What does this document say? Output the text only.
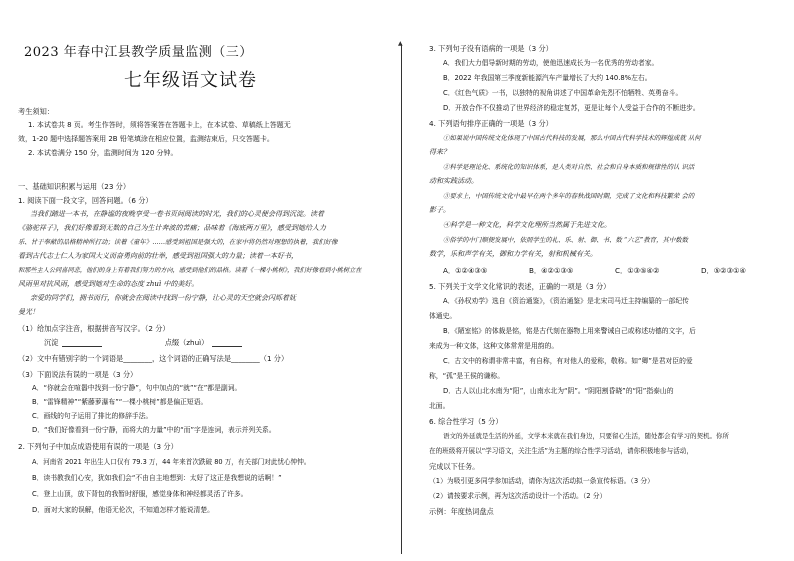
▲
2023 年春中江县教学质量监测（三）
七年级语文试卷
考生须知：
1. 本试卷共 8 页。考生作答时，须将答案答在答题卡上，在本试卷、草稿纸上答题无
效，1-20 题中选择题答案用 2B 铅笔填涂在相应位置，监测结束后，只交答题卡。
2. 本试卷满分 150 分，监测时间为 120 分钟。
一、基础知识积累与运用（23 分）
1. 阅读下面一段文字，回答问题。（6 分）
当我们踏进一本书，在静谧的夜晚享受一卷书页间阅读的时光，我们的心灵便会得到沉淀。读着
《骆驼祥子》，我们好像看到无数的自己为生计奔波的苦痛；品味着《海底两万里》，感受到她给人力
乐、甘于奉献的品格精神所打动；读着《童年》……感受到祖国是强大的，在家中将仍然对理想的执着，我们好像
看到古代志士仁人为家国大义而奋勇向前的壮举，感受到祖国强大的力量；读着一本好书，
和那些主人公同喜同悲，他们的身上有着我们努力的方向，感受到他们的品格。读着《一棵小桃树》，我们好像看到小桃树立在
风雨里对抗风雨，感受到她对生命的态度 zhuì 中的美好。
亲爱的同学们，拥书而行，你就会在阅读中找到一份宁静，让心灵的天空就会闪烁着妩
曼光！
（1）给加点字注音，根据拼音写汉字。（2 分）
沉淀	点缀（zhuì）
（2）文中有错别字的一个词语是________，这个词语的正确写法是________（1 分）
（3）下面说法有误的一项是（3 分）
A．“你就会在喧嚣中找到一份宁静”，句中加点的“就”“在”都是副词。
B．“雷锋精神”“紫藤萝瀑布”“一棵小桃树”都是偏正短语。
C．画线的句子运用了排比的修辞手法。
D．“我们好像看到一份宁静，而将大的力量”中的“而”字是连词，表示并列关系。
2. 下列句子中加点成语使用有误的一项是（3 分）
A．河南省 2021 年出生人口仅有 79.3 万，44 年来首次跌破 80 万，有关部门对此忧心忡忡。
B．读书教我们心安，犹如我们会“不由自主地想到：太好了这正是我想说的话啊！”
C．登上山顶，放下背包的我暂时舒服，感觉身体和神经都灵活了许多。
D．面对大家的误解，他语无伦次，不知道怎样才能说清楚。
3. 下列句子没有语病的一项是（3 分）
A．我们大力倡导新时期的劳动，使他迅速成长为一名优秀的劳动者家。
B．2022 年我国第三季度新能源汽车产量增长了大约 140.8%左右。
C．《红色气质》一书，以独特的视角讲述了中国革命先烈不怕牺牲、英勇奋斗。
D．开放合作不仅推动了世界经济的稳定复苏，更是让每个人受益于合作的不断进步。
4. 下列语句排序正确的一项是（3 分）
①如果说中国传统文化体现了中国古代科技的发展，那么中国古代科学技术的辉煌成就 从何
得来？
②科学是理论化、系统化的知识体系，是人类对自然、社会和自身本质和规律性的认 识活
动和实践活动。
③要求上，中国传统文化中最早在两个多年的春秋战国时期，完成了文化和科技繁荣 会的
影子。
④科学是一种文化，科学文化理所当然属于先进文化。
⑤俗学的中门顺便发展中，依照学生的礼、乐、射、御、书、数 “六艺”教育，其中数数
数学，乐和声学有关，御和力学有关，射和机械有关。
A．①②④③⑤	B．④②①③⑤	C．①③⑤④②	D．⑤②③①④
5. 下列关于文学文化常识的表述，正确的一项是（3 分）
A．《孙权劝学》选自《资治通鉴》，《资治通鉴》是北宋司马迁主持编纂的一部纪传
体通史。
B．《陋室铭》的体裁是铭，铭是古代刻在器物上用来警诫自己或称述功德的文字，后
来成为一种文体，这种文体常常是用韵的。
C．古文中的称谓非常丰富，有自称，有对他人的爱称，敬称。如“卿”是君对臣的爱
称，“孤”是王侯的谦称。
D．古人以山北水南为“阳”，山南水北为“阴”。“阴阳割昏晓”的“阳”指泰山的
北面。
6. 综合性学习（5 分）
语文的外延就是生活的外延，文学本来就在我们身边，只要留心生活，随处都会有学习的契机。你所
在的班级将开展以“学习语文，关注生活”为主题的综合性学习活动，请你积极地参与活动，
完成以下任务。
（1）为吸引更多同学参加活动，请你为这次活动拟一条宣传标语。（3 分）
（2）请按要求示例，再为这次活动设计一个活动。（2 分）
示例：年度热词盘点
